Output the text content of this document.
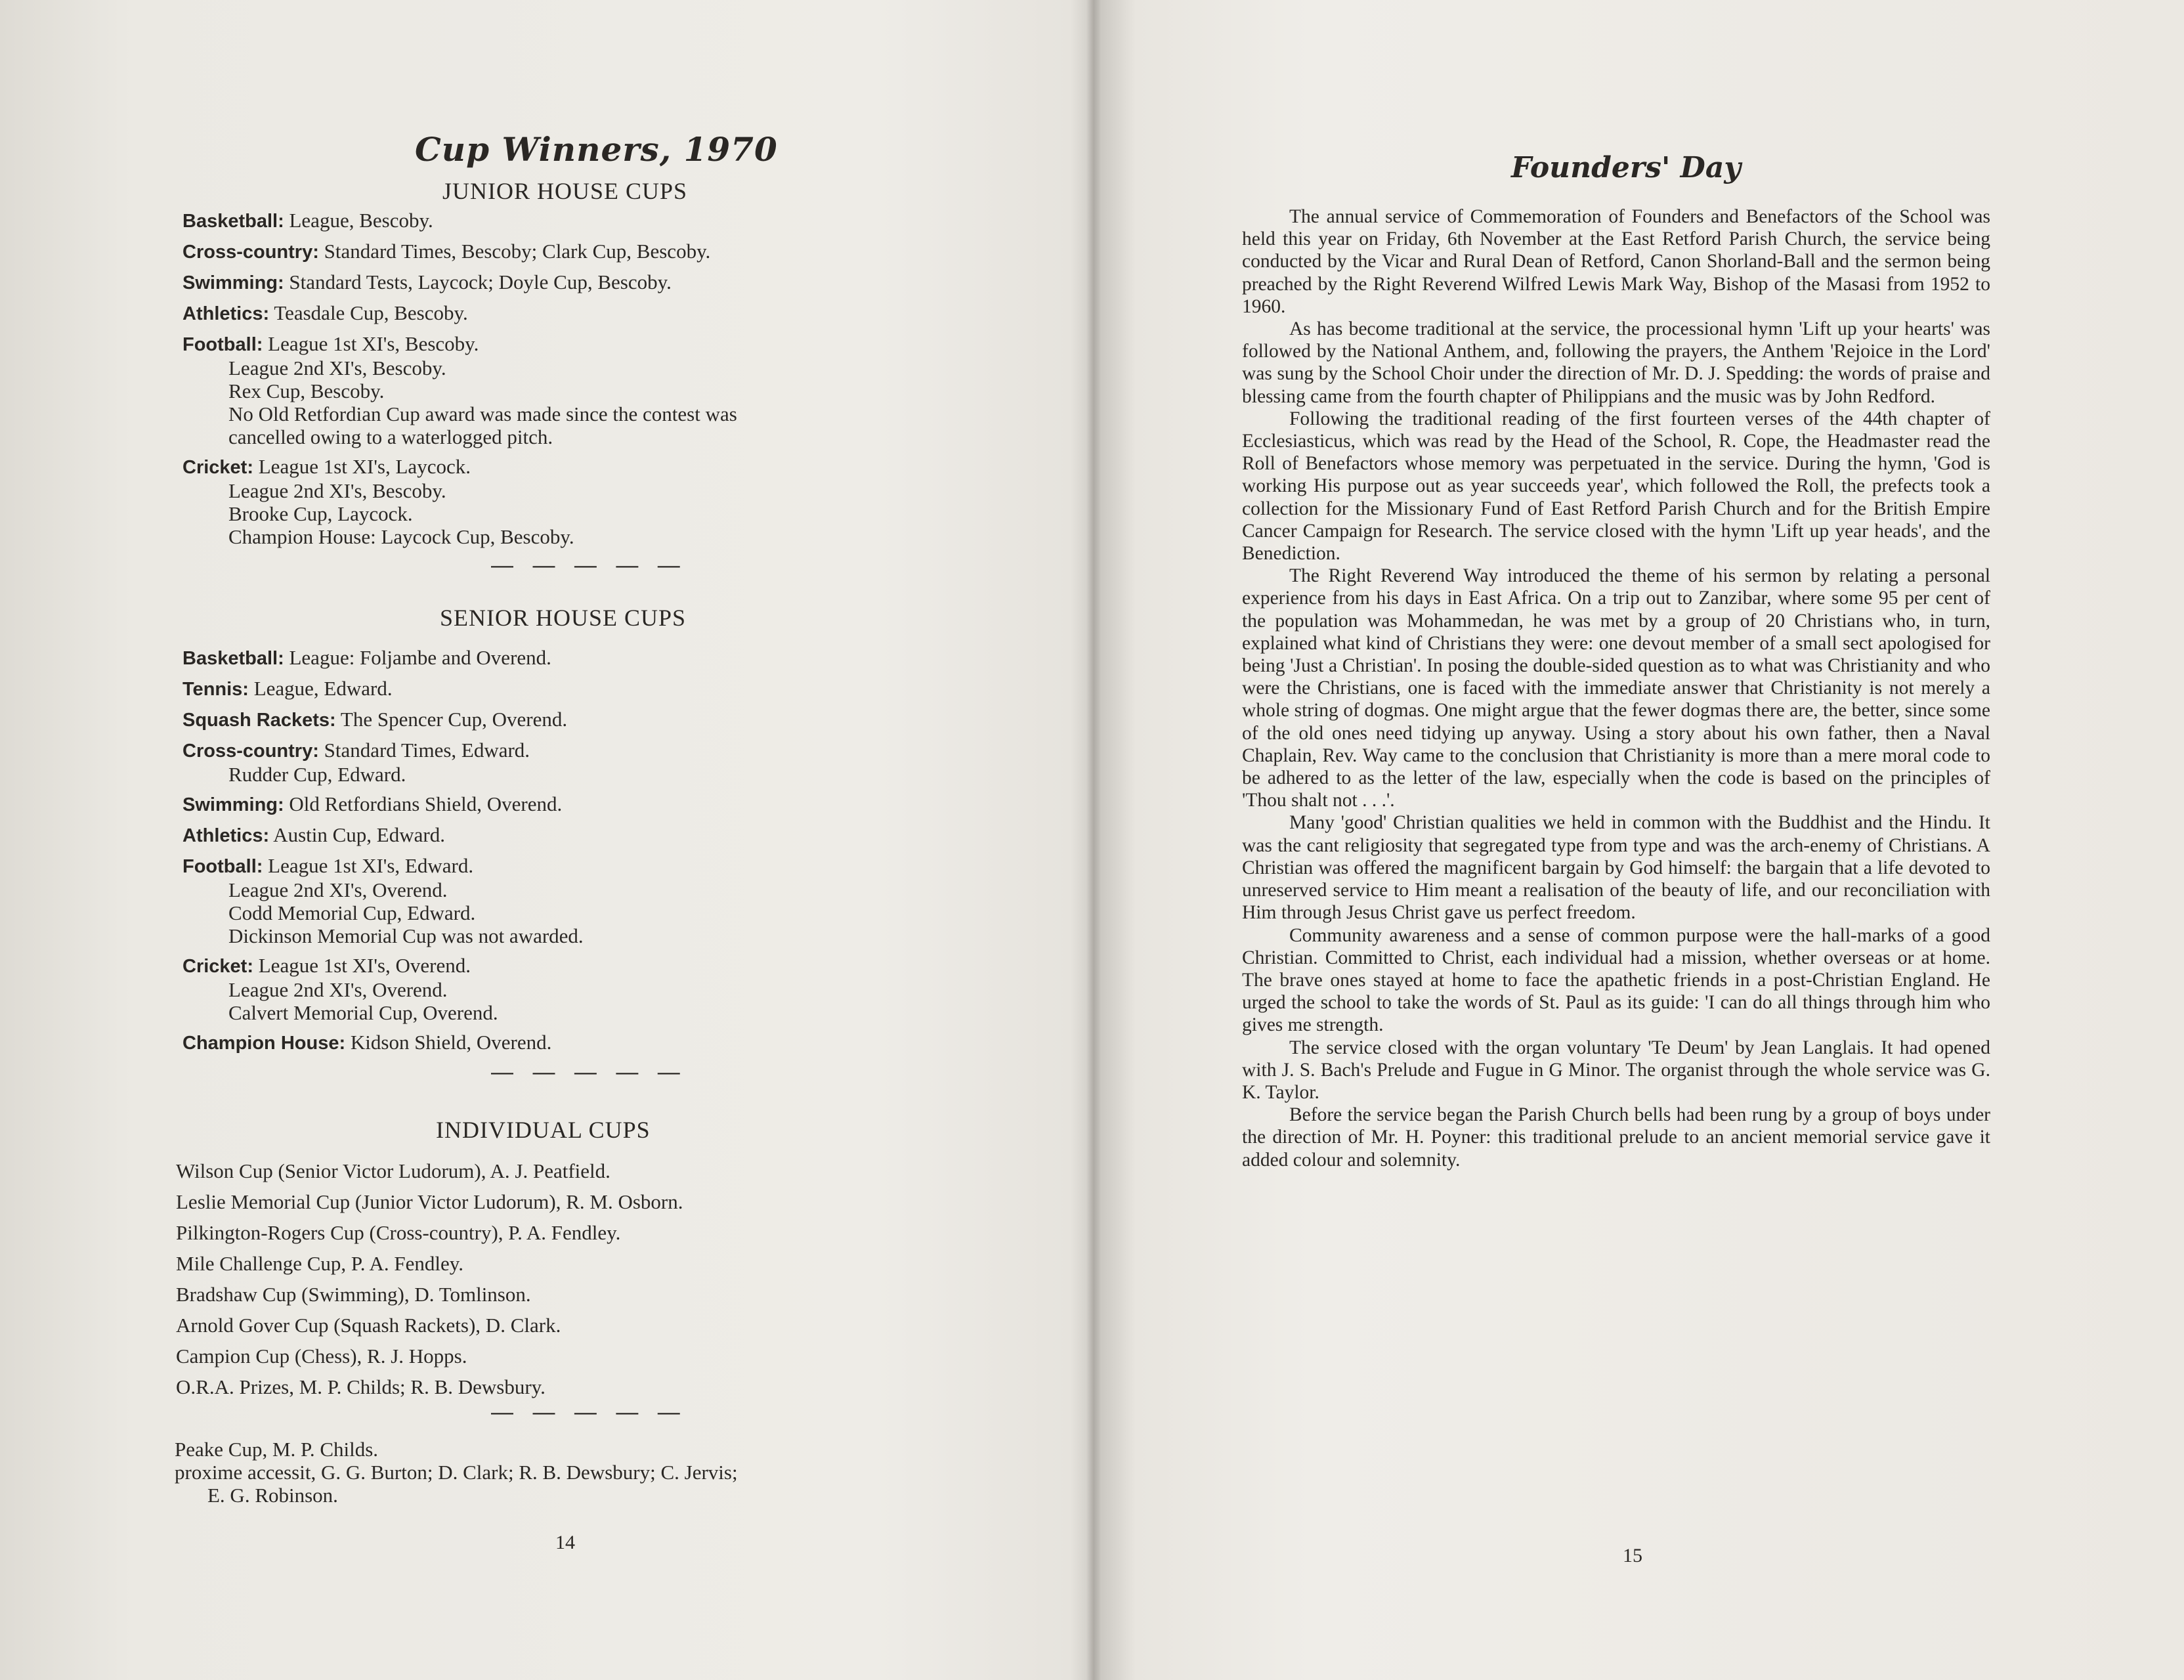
Cup Winners, 1970
JUNIOR HOUSE CUPS
Basketball: League, Bescoby.
Cross-country: Standard Times, Bescoby; Clark Cup, Bescoby.
Swimming: Standard Tests, Laycock; Doyle Cup, Bescoby.
Athletics: Teasdale Cup, Bescoby.
Football: League 1st XI's, Bescoby.
League 2nd XI's, Bescoby.
Rex Cup, Bescoby.
No Old Retfordian Cup award was made since the contest was
cancelled owing to a waterlogged pitch.
Cricket: League 1st XI's, Laycock.
League 2nd XI's, Bescoby.
Brooke Cup, Laycock.
Champion House: Laycock Cup, Bescoby.
— — — — —
SENIOR HOUSE CUPS
Basketball: League: Foljambe and Overend.
Tennis: League, Edward.
Squash Rackets: The Spencer Cup, Overend.
Cross-country: Standard Times, Edward.
Rudder Cup, Edward.
Swimming: Old Retfordians Shield, Overend.
Athletics: Austin Cup, Edward.
Football: League 1st XI's, Edward.
League 2nd XI's, Overend.
Codd Memorial Cup, Edward.
Dickinson Memorial Cup was not awarded.
Cricket: League 1st XI's, Overend.
League 2nd XI's, Overend.
Calvert Memorial Cup, Overend.
Champion House: Kidson Shield, Overend.
— — — — —
INDIVIDUAL CUPS
Wilson Cup (Senior Victor Ludorum), A. J. Peatfield.
Leslie Memorial Cup (Junior Victor Ludorum), R. M. Osborn.
Pilkington-Rogers Cup (Cross-country), P. A. Fendley.
Mile Challenge Cup, P. A. Fendley.
Bradshaw Cup (Swimming), D. Tomlinson.
Arnold Gover Cup (Squash Rackets), D. Clark.
Campion Cup (Chess), R. J. Hopps.
O.R.A. Prizes, M. P. Childs; R. B. Dewsbury.
— — — — —
Peake Cup, M. P. Childs.
proxime accessit, G. G. Burton; D. Clark; R. B. Dewsbury; C. Jervis;
E. G. Robinson.
14
Founders' Day

The annual service of Commemoration of Founders and Benefactors of the School was held this year on Friday, 6th November at the East Retford Parish Church, the service being conducted by the Vicar and Rural Dean of Retford, Canon Shorland-Ball and the sermon being preached by the Right Reverend Wilfred Lewis Mark Way, Bishop of the Masasi from 1952 to 1960.

As has become traditional at the service, the processional hymn 'Lift up your hearts' was followed by the National Anthem, and, following the prayers, the Anthem 'Rejoice in the Lord' was sung by the School Choir under the direction of Mr. D. J. Spedding: the words of praise and blessing came from the fourth chapter of Philippians and the music was by John Redford.

Following the traditional reading of the first fourteen verses of the 44th chapter of Ecclesiasticus, which was read by the Head of the School, R. Cope, the Headmaster read the Roll of Benefactors whose memory was perpetuated in the service. During the hymn, 'God is working His purpose out as year succeeds year', which followed the Roll, the prefects took a collection for the Missionary Fund of East Retford Parish Church and for the British Empire Cancer Campaign for Research. The service closed with the hymn 'Lift up year heads', and the Benediction.

The Right Reverend Way introduced the theme of his sermon by relating a personal experience from his days in East Africa. On a trip out to Zanzibar, where some 95 per cent of the population was Mohammedan, he was met by a group of 20 Christians who, in turn, explained what kind of Christians they were: one devout member of a small sect apologised for being 'Just a Christian'. In posing the double-sided question as to what was Christianity and who were the Christians, one is faced with the immediate answer that Christianity is not merely a whole string of dogmas. One might argue that the fewer dogmas there are, the better, since some of the old ones need tidying up anyway. Using a story about his own father, then a Naval Chaplain, Rev. Way came to the conclusion that Christianity is more than a mere moral code to be adhered to as the letter of the law, especially when the code is based on the principles of 'Thou shalt not . . .'.

Many 'good' Christian qualities we held in common with the Buddhist and the Hindu. It was the cant religiosity that segregated type from type and was the arch-enemy of Christians. A Christian was offered the magnificent bargain by God himself: the bargain that a life devoted to unreserved service to Him meant a realisation of the beauty of life, and our reconciliation with Him through Jesus Christ gave us perfect freedom.

Community awareness and a sense of common purpose were the hall-marks of a good Christian. Committed to Christ, each individual had a mission, whether overseas or at home. The brave ones stayed at home to face the apathetic friends in a post-Christian England. He urged the school to take the words of St. Paul as its guide: 'I can do all things through him who gives me strength.

The service closed with the organ voluntary 'Te Deum' by Jean Langlais. It had opened with J. S. Bach's Prelude and Fugue in G Minor. The organist through the whole service was G. K. Taylor.

Before the service began the Parish Church bells had been rung by a group of boys under the direction of Mr. H. Poyner: this traditional prelude to an ancient memorial service gave it added colour and solemnity.

15
